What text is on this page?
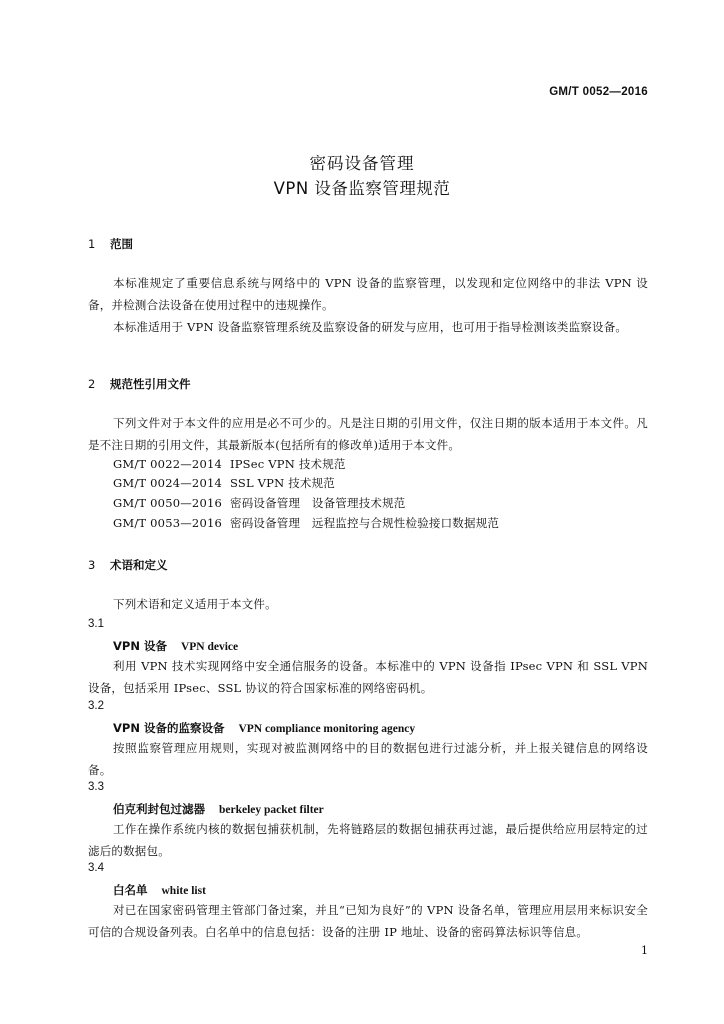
GM/T 0052—2016
密码设备管理
VPN 设备监察管理规范
1 范围
本标准规定了重要信息系统与网络中的 VPN 设备的监察管理，以发现和定位网络中的非法 VPN 设备，并检测合法设备在使用过程中的违规操作。
本标准适用于 VPN 设备监察管理系统及监察设备的研发与应用，也可用于指导检测该类监察设备。
2 规范性引用文件
下列文件对于本文件的应用是必不可少的。凡是注日期的引用文件，仅注日期的版本适用于本文件。凡是不注日期的引用文件，其最新版本(包括所有的修改单)适用于本文件。
GM/T 0022—2014 IPSec VPN 技术规范
GM/T 0024—2014 SSL VPN 技术规范
GM/T 0050—2016 密码设备管理　设备管理技术规范
GM/T 0053—2016 密码设备管理　远程监控与合规性检验接口数据规范
3 术语和定义
下列术语和定义适用于本文件。
3.1
VPN 设备 VPN device
利用 VPN 技术实现网络中安全通信服务的设备。本标准中的 VPN 设备指 IPsec VPN 和 SSL VPN 设备，包括采用 IPsec、SSL 协议的符合国家标准的网络密码机。
3.2
VPN 设备的监察设备 VPN compliance monitoring agency
按照监察管理应用规则，实现对被监测网络中的目的数据包进行过滤分析，并上报关键信息的网络设备。
3.3
伯克利封包过滤器 berkeley packet filter
工作在操作系统内核的数据包捕获机制，先将链路层的数据包捕获再过滤，最后提供给应用层特定的过滤后的数据包。
3.4
白名单 white list
对已在国家密码管理主管部门备过案，并且“已知为良好”的 VPN 设备名单，管理应用层用来标识安全可信的合规设备列表。白名单中的信息包括：设备的注册 IP 地址、设备的密码算法标识等信息。
1
